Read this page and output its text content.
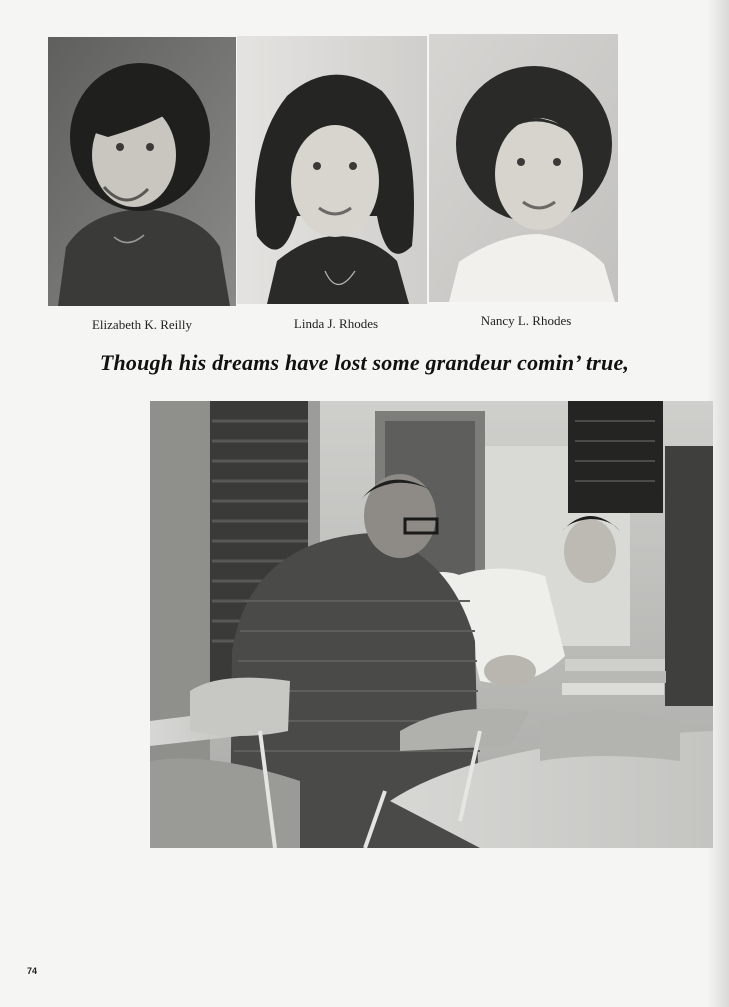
Elizabeth K. Reilly	Linda J. Rhodes	Nancy L. Rhodes
Though his dreams have lost some grandeur comin’ true,
74
